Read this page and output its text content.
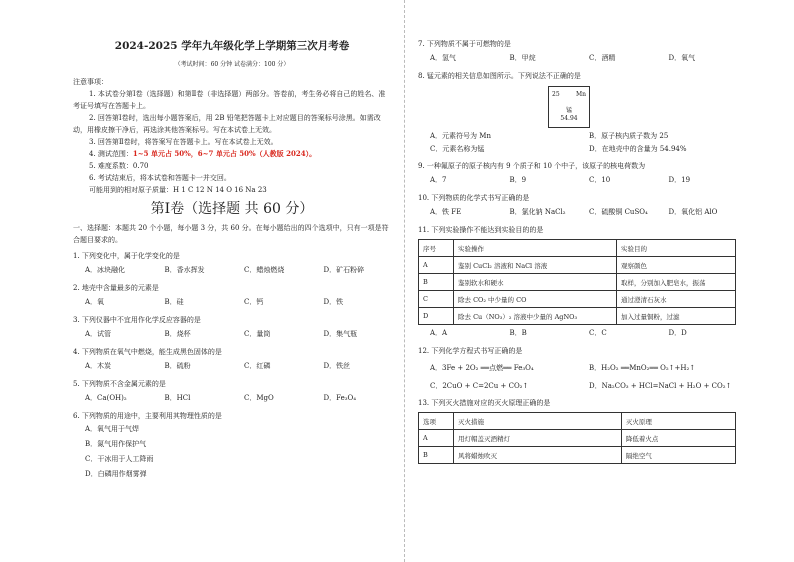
2024-2025 学年九年级化学上学期第三次月考卷
（考试时间：60 分钟 试卷满分：100 分）
注意事项：
1. 本试卷分第Ⅰ卷（选择题）和第Ⅱ卷（非选择题）两部分。答卷前，考生务必将自己的姓名、准考证号填写在答题卡上。
2. 回答第Ⅰ卷时，选出每小题答案后，用 2B 铅笔把答题卡上对应题目的答案标号涂黑。如需改动，用橡皮擦干净后，再选涂其他答案标号。写在本试卷上无效。
3. 回答第Ⅱ卷时，将答案写在答题卡上。写在本试卷上无效。
4. 测试范围：1~5 单元占 50%，6~7 单元占 50%（人教版 2024）。
5. 难度系数：0.70
6. 考试结束后，将本试卷和答题卡一并交回。
可能用到的相对原子质量：H 1 C 12 N 14 O 16 Na 23
第Ⅰ卷（选择题 共 60 分）
一、选择题：本题共 20 个小题，每小题 3 分，共 60 分。在每小题给出的四个选项中，只有一项是符合题目要求的。
1. 下列变化中，属于化学变化的是
A．冰块融化	B．香水挥发	C．蜡烛燃烧	D．矿石粉碎
2. 地壳中含量最多的元素是
A．氧	B．硅	C．钙	D．铁
3. 下列仪器中不宜用作化学反应容器的是
A．试管	B．烧杯	C．量筒	D．集气瓶
4. 下列物质在氧气中燃烧，能生成黑色固体的是
A．木炭	B．硫粉	C．红磷	D．铁丝
5. 下列物质不含金属元素的是
A．Ca(OH)₂	B．HCl	C．MgO	D．Fe₃O₄
6. 下列物质的用途中，主要利用其物理性质的是
A．氧气用于气焊
B．氮气用作保护气
C．干冰用于人工降雨
D．白磷用作烟雾弹
7. 下列物质不属于可燃物的是
A．氢气	B．甲烷	C．酒精	D．氧气
8. 锰元素的相关信息如图所示。下列说法不正确的是
25	Mn
锰
54.94
A．元素符号为 Mn	B．原子核内质子数为 25
C．元素名称为锰	D．在地壳中的含量为 54.94%
9. 一种氟原子的原子核内有 9 个质子和 10 个中子，该原子的核电荷数为
A．7	B．9	C．10	D．19
10. 下列物质的化学式书写正确的是
A．铁 FE	B．氯化钠 NaCl₂	C．硫酸铜 CuSO₄	D．氧化铝 AlO
11. 下列实验操作不能达到实验目的的是
序号	实验操作	实验目的
A	鉴别 CuCl₂ 溶液和 NaCl 溶液	观察颜色
B	鉴别软水和硬水	取样，分别加入肥皂水，振荡
C	除去 CO₂ 中少量的 CO	通过澄清石灰水
D	除去 Cu（NO₃）₂ 溶液中少量的 AgNO₃	加入过量铜粉，过滤
A．A	B．B	C．C	D．D
12. 下列化学方程式书写正确的是
A．3Fe + 2O₂ ══点燃══ Fe₃O₄	B．H₂O₂ ══MnO₂══ O₂↑+H₂↑
C．2CuO + C=2Cu + CO₂↑	D．Na₂CO₃ + HCl=NaCl + H₂O + CO₂↑
13. 下列灭火措施对应的灭火原理正确的是
选项	灭火措施	灭火原理
A	用灯帽盖灭酒精灯	降低着火点
B	风将蜡烛吹灭	隔绝空气
